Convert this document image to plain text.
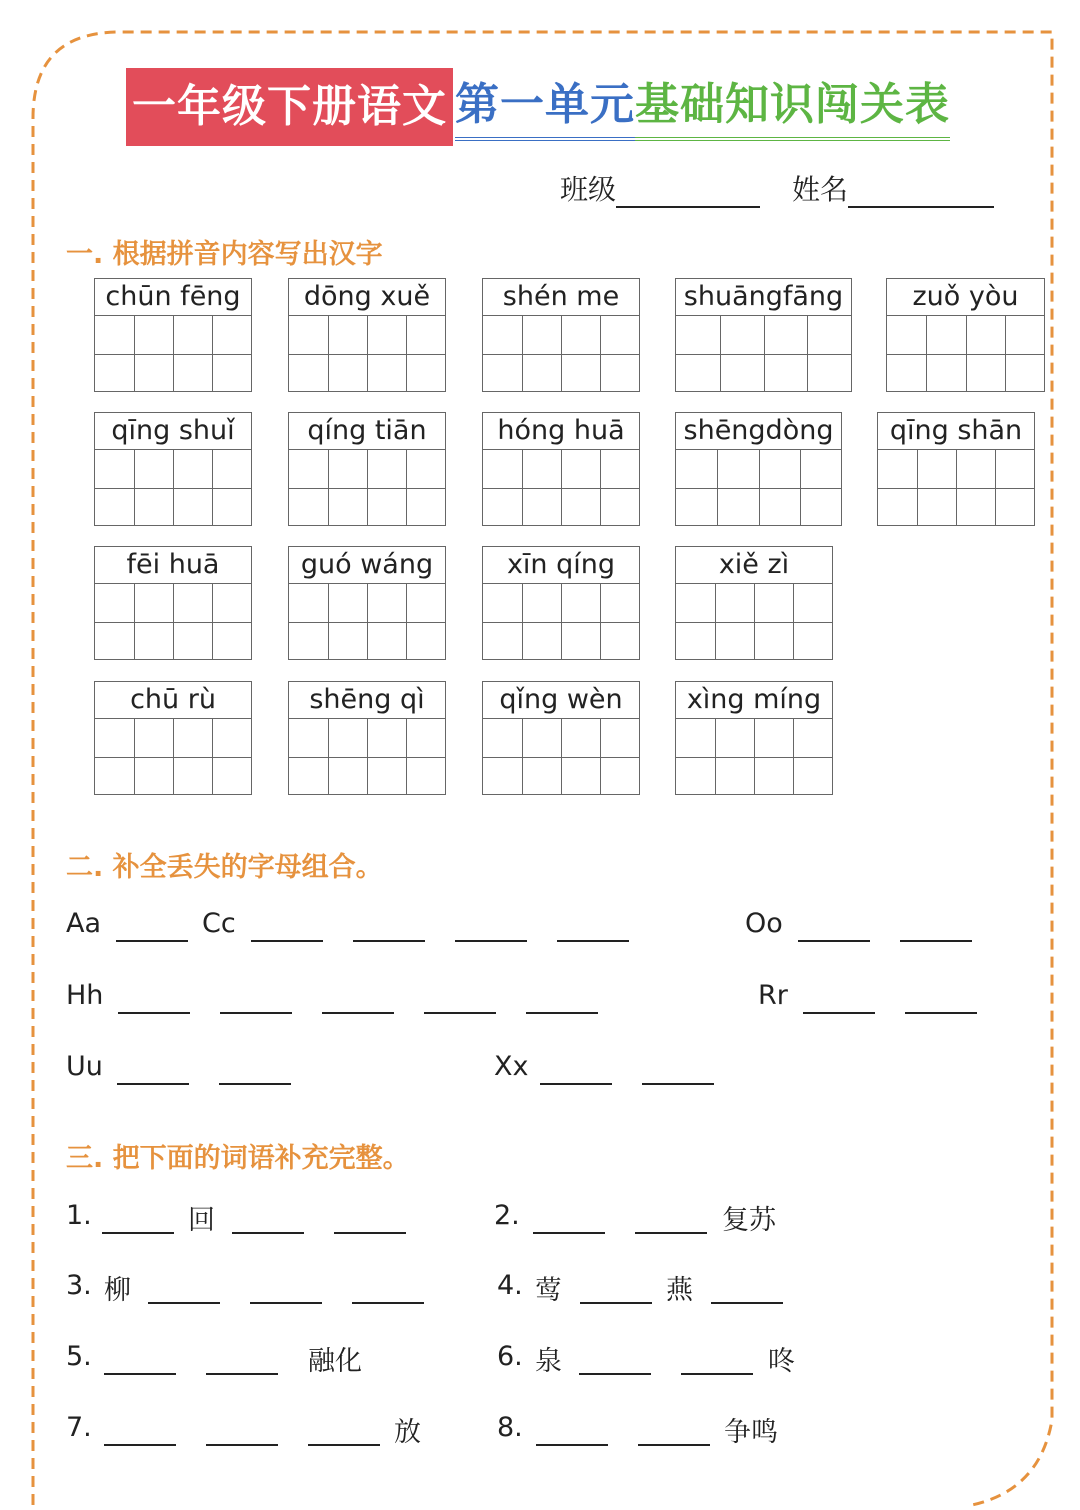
一年级下册语文 第一单元 基础知识闯关表
班级	姓名
一. 根据拼音内容写出汉字
chūn fēng	dōng xuě	shén me	shuāngfāng	zuǒ yòu
qīng shuǐ	qíng tiān	hóng huā	shēngdòng	qīng shān
fēi huā	guó wáng	xīn qíng	xiě zì
chū rù	shēng qì	qǐng wèn	xìng míng
二. 补全丢失的字母组合。
Aa	Cc	Oo
Hh	Rr
Uu	Xx
三. 把下面的词语补充完整。
1.	回	2.	复苏
3. 柳	4. 莺	燕
5.	融化	6. 泉	咚
7.	放	8.	争鸣
